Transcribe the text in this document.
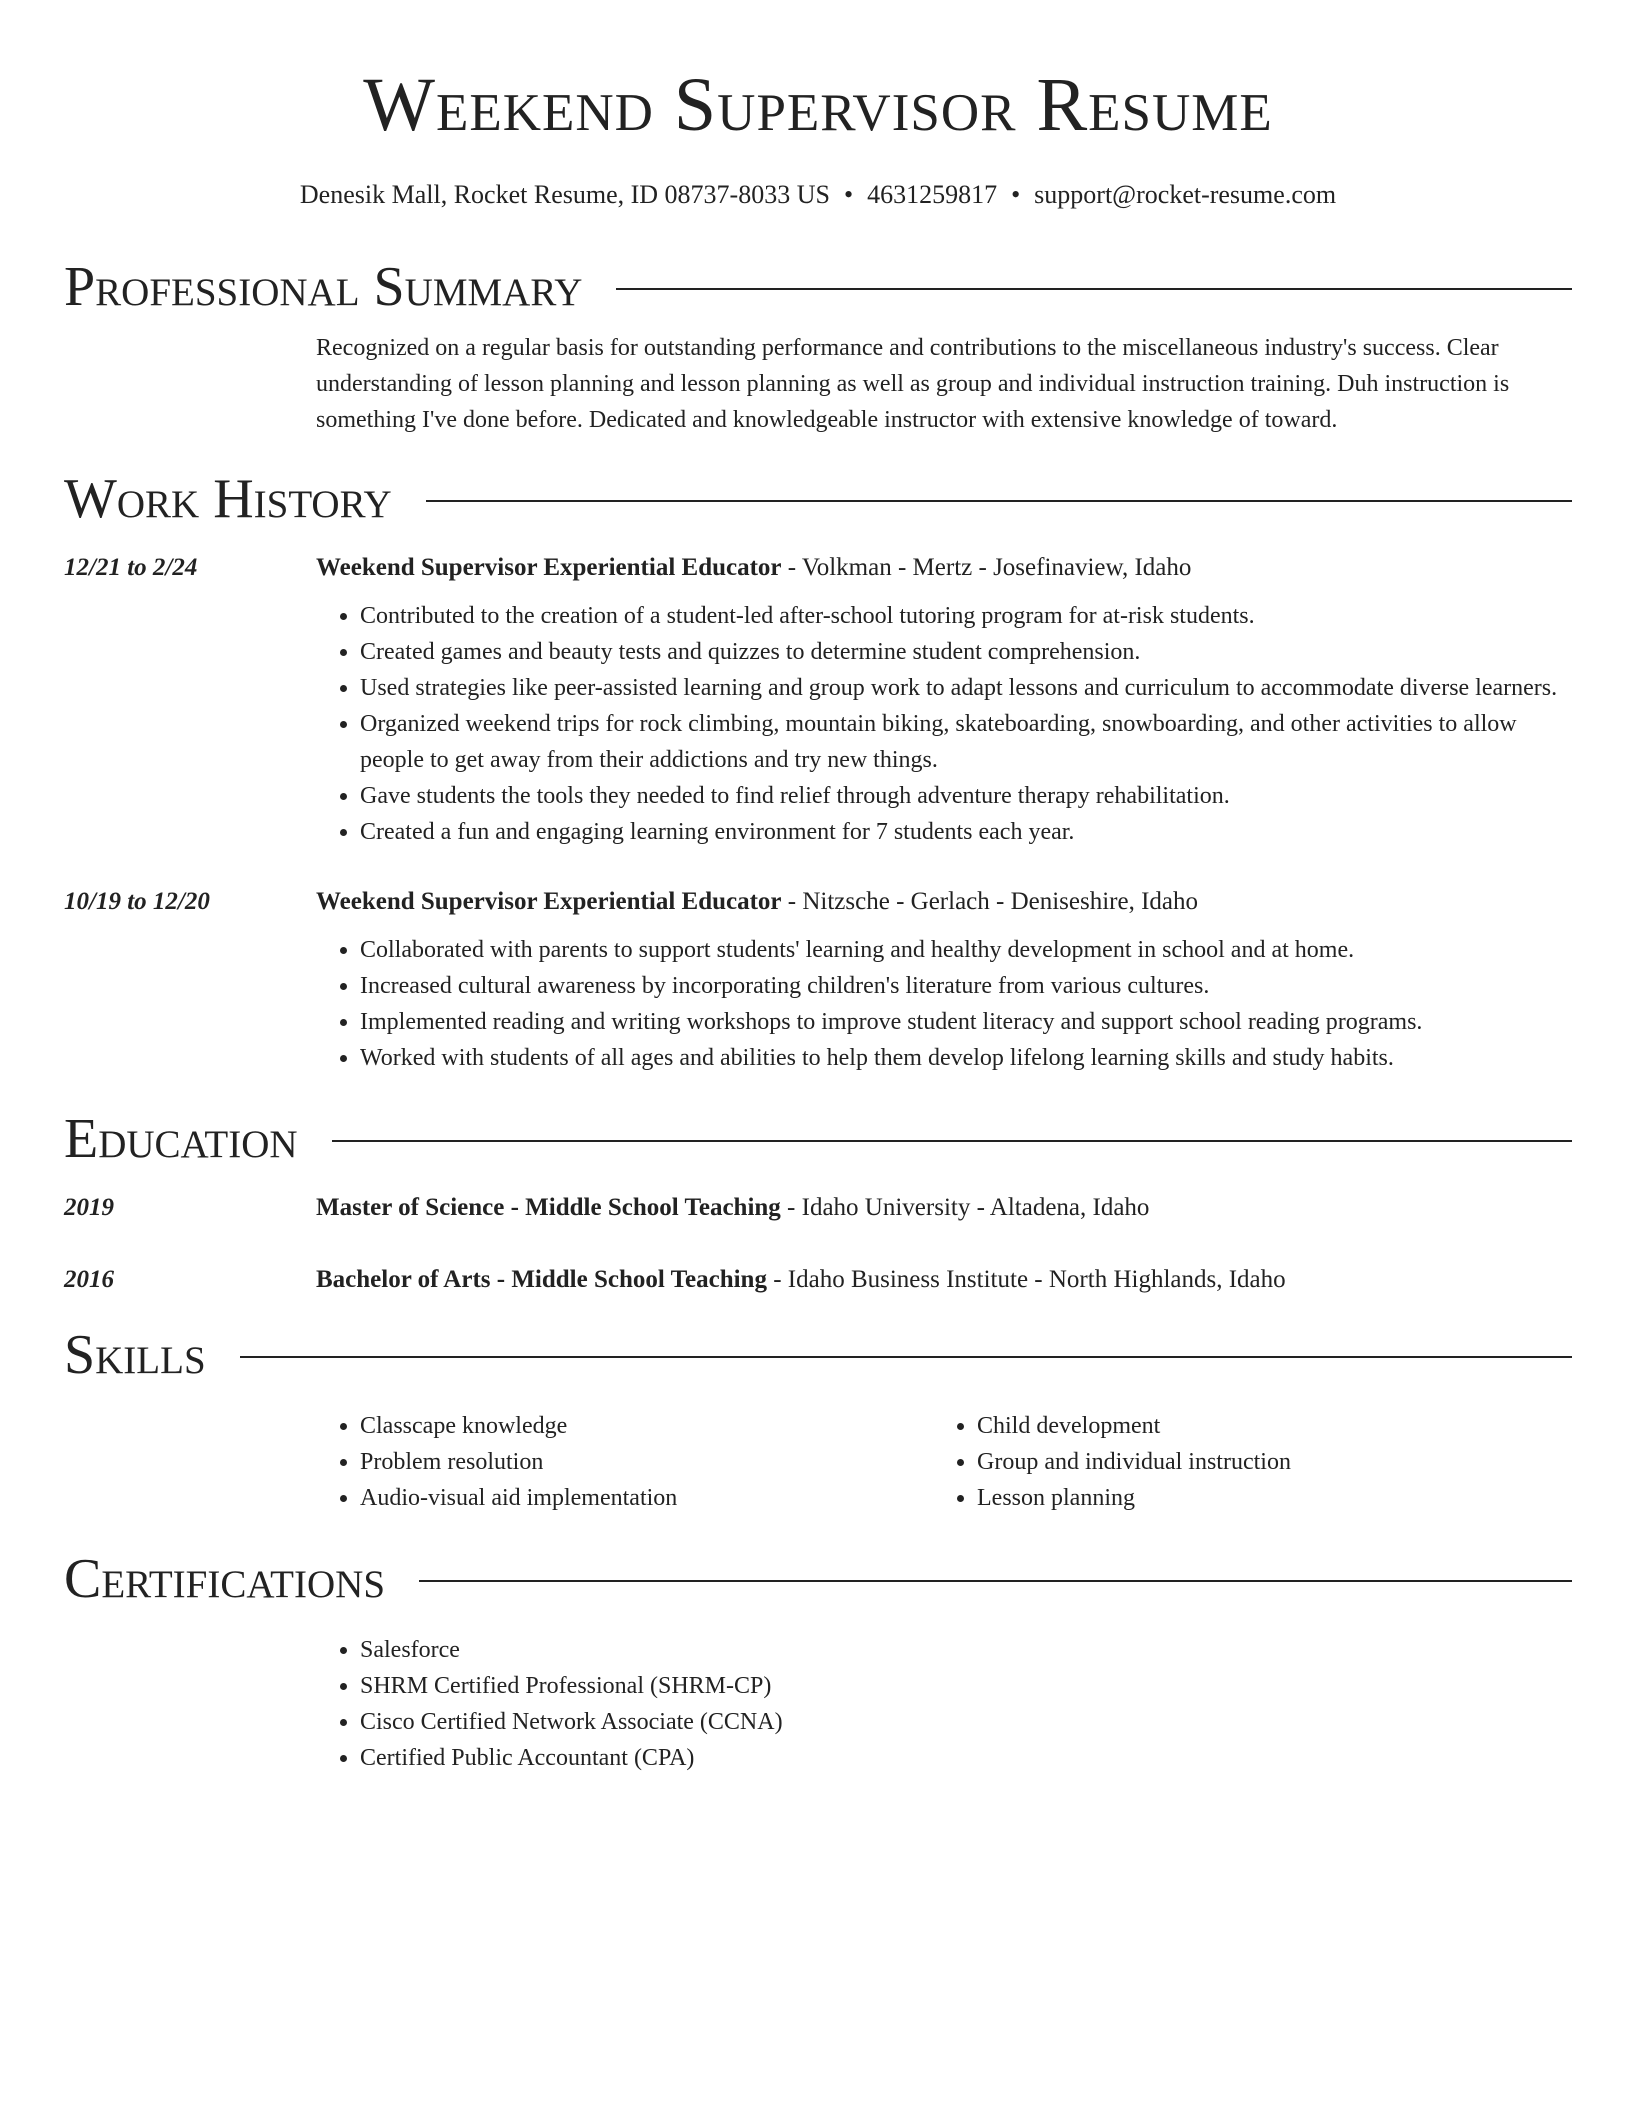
Weekend Supervisor Resume
Denesik Mall, Rocket Resume, ID 08737-8033 US • 4631259817 • support@rocket-resume.com
Professional Summary
Recognized on a regular basis for outstanding performance and contributions to the miscellaneous industry's success. Clear understanding of lesson planning and lesson planning as well as group and individual instruction training. Duh instruction is something I've done before. Dedicated and knowledgeable instructor with extensive knowledge of toward.
Work History
12/21 to 2/24	Weekend Supervisor Experiential Educator - Volkman - Mertz - Josefinaview, Idaho
• Contributed to the creation of a student-led after-school tutoring program for at-risk students.
• Created games and beauty tests and quizzes to determine student comprehension.
• Used strategies like peer-assisted learning and group work to adapt lessons and curriculum to accommodate diverse learners.
• Organized weekend trips for rock climbing, mountain biking, skateboarding, snowboarding, and other activities to allow people to get away from their addictions and try new things.
• Gave students the tools they needed to find relief through adventure therapy rehabilitation.
• Created a fun and engaging learning environment for 7 students each year.
10/19 to 12/20	Weekend Supervisor Experiential Educator - Nitzsche - Gerlach - Deniseshire, Idaho
• Collaborated with parents to support students' learning and healthy development in school and at home.
• Increased cultural awareness by incorporating children's literature from various cultures.
• Implemented reading and writing workshops to improve student literacy and support school reading programs.
• Worked with students of all ages and abilities to help them develop lifelong learning skills and study habits.
Education
2019	Master of Science - Middle School Teaching - Idaho University - Altadena, Idaho
2016	Bachelor of Arts - Middle School Teaching - Idaho Business Institute - North Highlands, Idaho
Skills
• Classcape knowledge
• Problem resolution
• Audio-visual aid implementation
• Child development
• Group and individual instruction
• Lesson planning
Certifications
• Salesforce
• SHRM Certified Professional (SHRM-CP)
• Cisco Certified Network Associate (CCNA)
• Certified Public Accountant (CPA)
